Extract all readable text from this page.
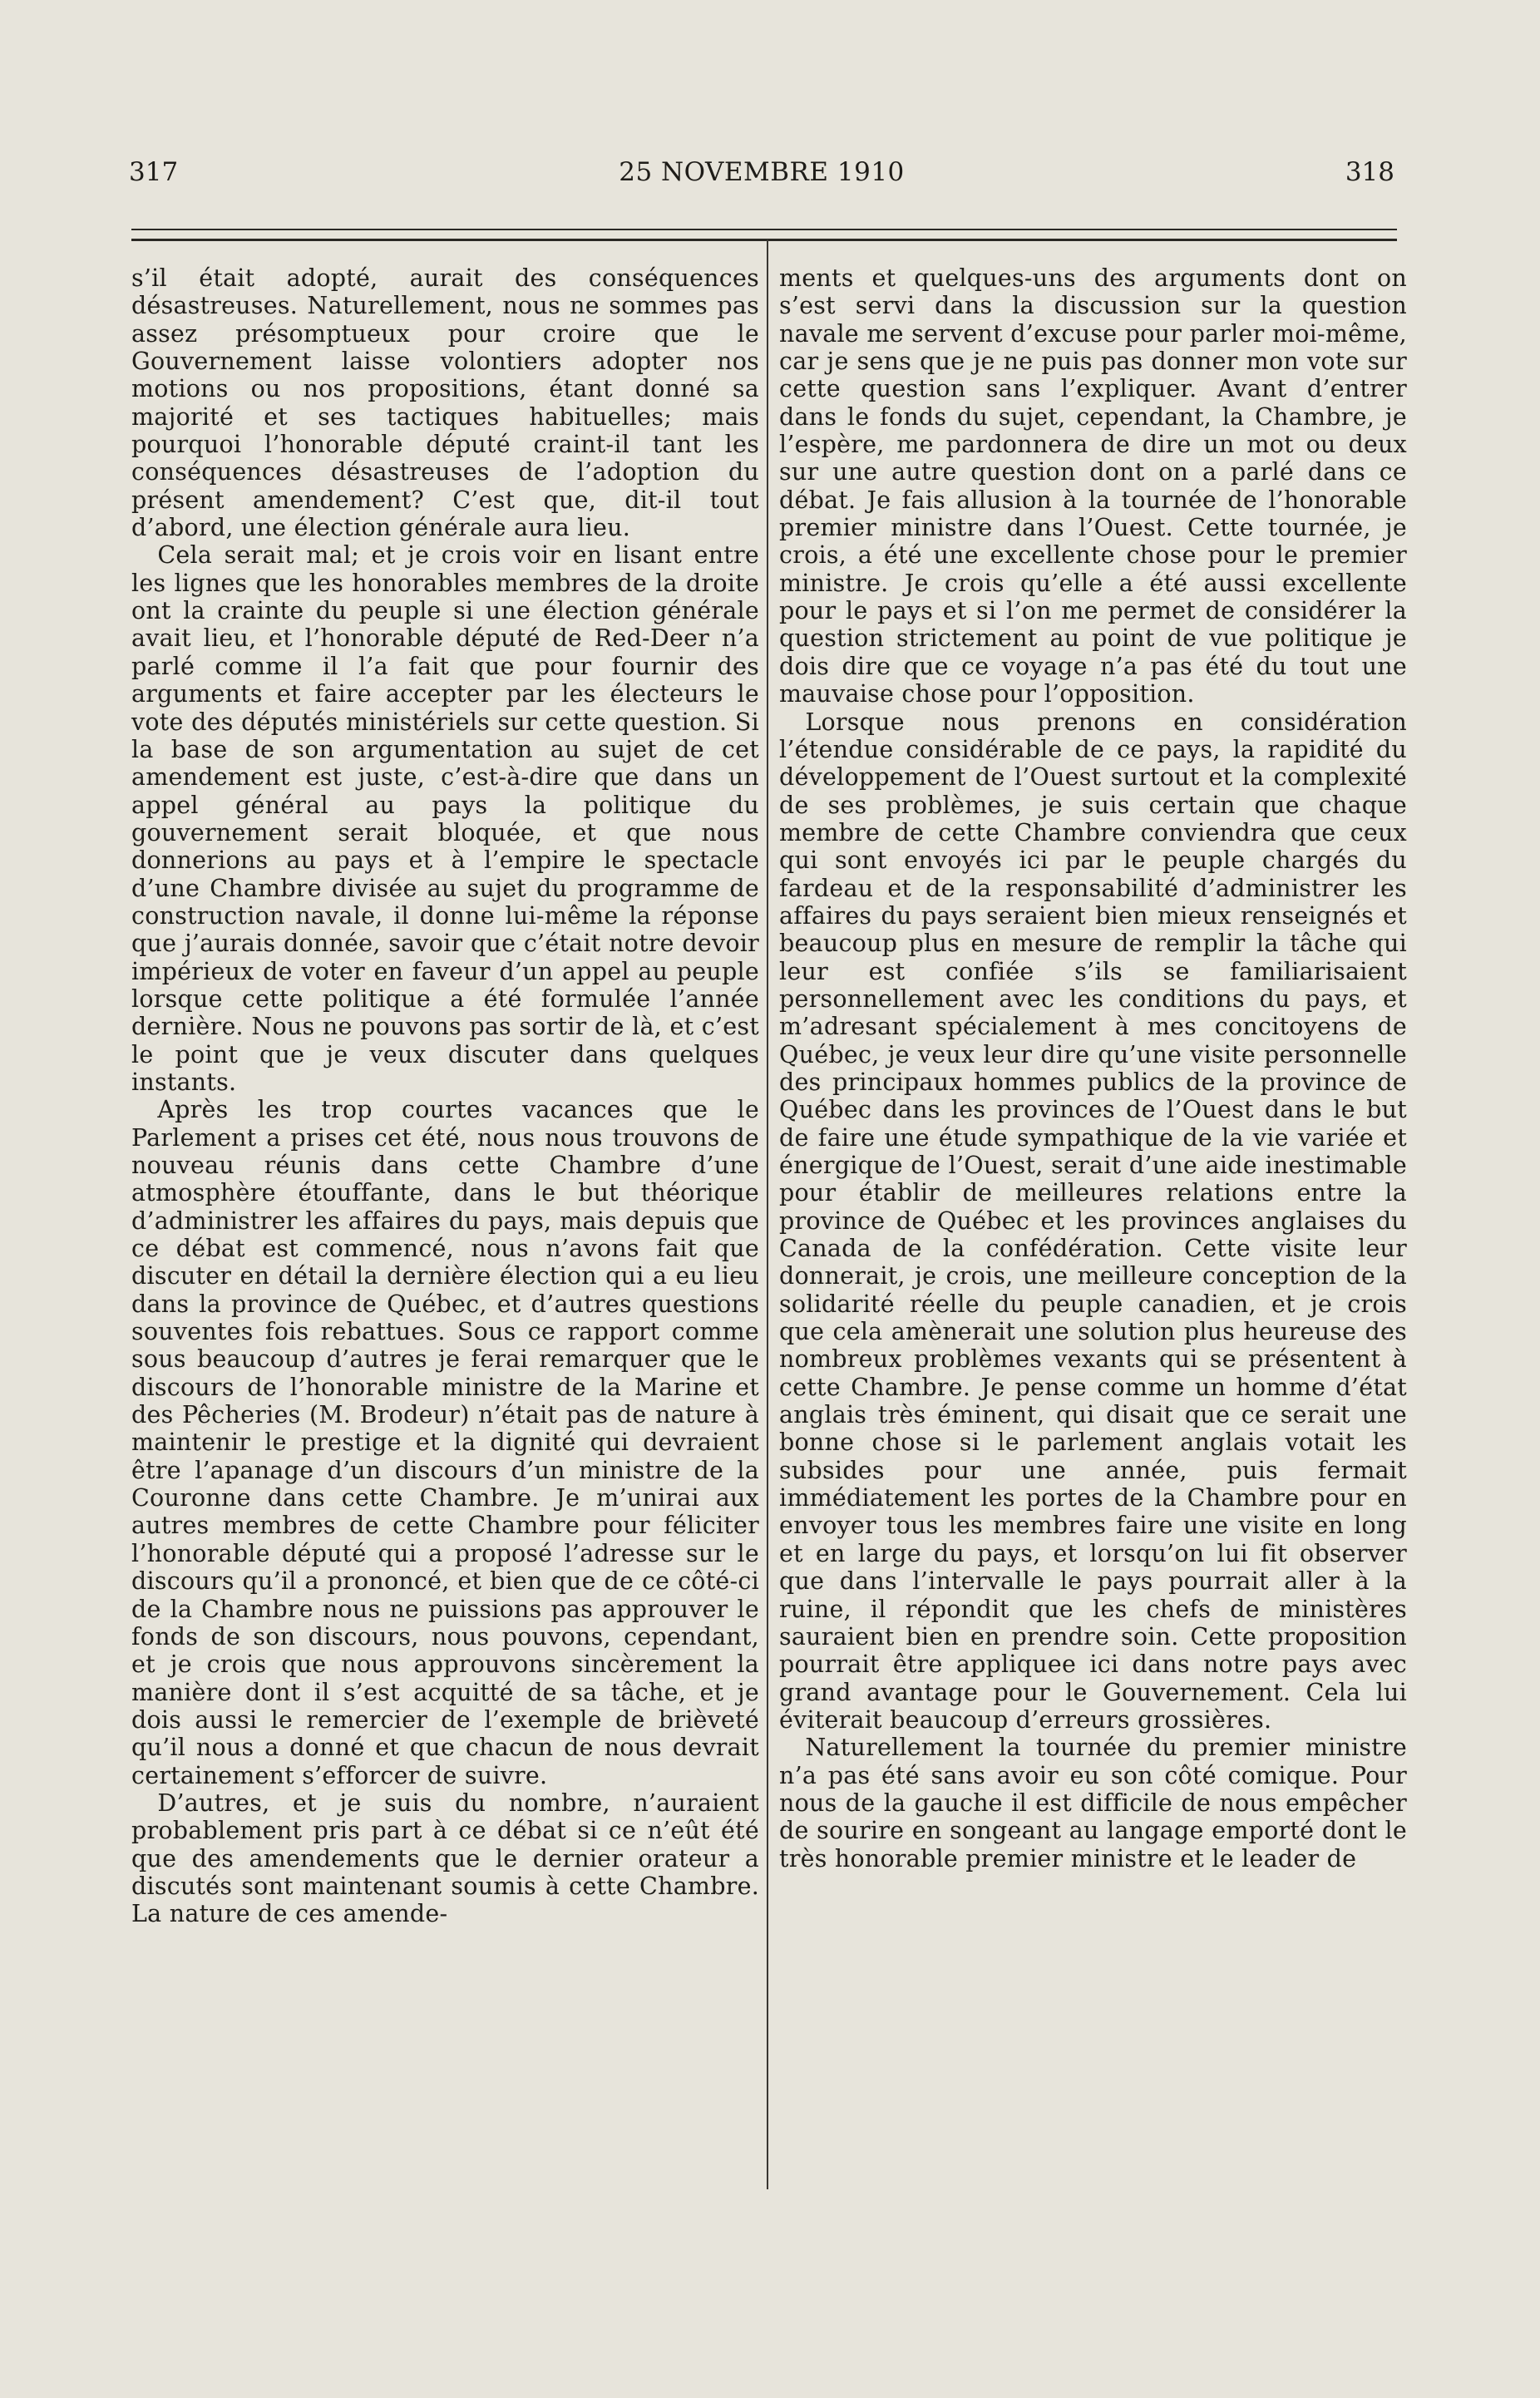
317	25 NOVEMBRE 1910	318

s’il était adopté, aurait des conséquences désastreuses. Naturellement, nous ne sommes pas assez présomptueux pour croire que le Gouvernement laisse volontiers adopter nos motions ou nos propositions, étant donné sa majorité et ses tactiques habituelles; mais pourquoi l’honorable député craint-il tant les conséquences désastreuses de l’adoption du présent amendement? C’est que, dit-il tout d’abord, une élection générale aura lieu.

Cela serait mal; et je crois voir en lisant entre les lignes que les honorables membres de la droite ont la crainte du peuple si une élection générale avait lieu, et l’honorable député de Red-Deer n’a parlé comme il l’a fait que pour fournir des arguments et faire accepter par les électeurs le vote des députés ministériels sur cette question. Si la base de son argumentation au sujet de cet amendement est juste, c’est-à-dire que dans un appel général au pays la politique du gouvernement serait bloquée, et que nous donnerions au pays et à l’empire le spectacle d’une Chambre divisée au sujet du programme de construction navale, il donne lui-même la réponse que j’aurais donnée, savoir que c’était notre devoir impérieux de voter en faveur d’un appel au peuple lorsque cette politique a été formulée l’année dernière. Nous ne pouvons pas sortir de là, et c’est le point que je veux discuter dans quelques instants.

Après les trop courtes vacances que le Parlement a prises cet été, nous nous trouvons de nouveau réunis dans cette Chambre d’une atmosphère étouffante, dans le but théorique d’administrer les affaires du pays, mais depuis que ce débat est commencé, nous n’avons fait que discuter en détail la dernière élection qui a eu lieu dans la province de Québec, et d’autres questions souventes fois rebattues. Sous ce rapport comme sous beaucoup d’autres je ferai remarquer que le discours de l’honorable ministre de la Marine et des Pêcheries (M. Brodeur) n’était pas de nature à maintenir le prestige et la dignité qui devraient être l’apanage d’un discours d’un ministre de la Couronne dans cette Chambre. Je m’unirai aux autres membres de cette Chambre pour féliciter l’honorable député qui a proposé l’adresse sur le discours qu’il a prononcé, et bien que de ce côté-ci de la Chambre nous ne puissions pas approuver le fonds de son discours, nous pouvons, cependant, et je crois que nous approuvons sincèrement la manière dont il s’est acquitté de sa tâche, et je dois aussi le remercier de l’exemple de brièveté qu’il nous a donné et que chacun de nous devrait certainement s’efforcer de suivre.

D’autres, et je suis du nombre, n’auraient probablement pris part à ce débat si ce n’eût été que des amendements que le dernier orateur a discutés sont maintenant soumis à cette Chambre. La nature de ces amende-

ments et quelques-uns des arguments dont on s’est servi dans la discussion sur la question navale me servent d’excuse pour parler moi-même, car je sens que je ne puis pas donner mon vote sur cette question sans l’expliquer. Avant d’entrer dans le fonds du sujet, cependant, la Chambre, je l’espère, me pardonnera de dire un mot ou deux sur une autre question dont on a parlé dans ce débat. Je fais allusion à la tournée de l’honorable premier ministre dans l’Ouest. Cette tournée, je crois, a été une excellente chose pour le premier ministre. Je crois qu’elle a été aussi excellente pour le pays et si l’on me permet de considérer la question strictement au point de vue politique je dois dire que ce voyage n’a pas été du tout une mauvaise chose pour l’opposition.

Lorsque nous prenons en considération l’étendue considérable de ce pays, la rapidité du développement de l’Ouest surtout et la complexité de ses problèmes, je suis certain que chaque membre de cette Chambre conviendra que ceux qui sont envoyés ici par le peuple chargés du fardeau et de la responsabilité d’administrer les affaires du pays seraient bien mieux renseignés et beaucoup plus en mesure de remplir la tâche qui leur est confiée s’ils se familiarisaient personnellement avec les conditions du pays, et m’adresant spécialement à mes concitoyens de Québec, je veux leur dire qu’une visite personnelle des principaux hommes publics de la province de Québec dans les provinces de l’Ouest dans le but de faire une étude sympathique de la vie variée et énergique de l’Ouest, serait d’une aide inestimable pour établir de meilleures relations entre la province de Québec et les provinces anglaises du Canada de la confédération. Cette visite leur donnerait, je crois, une meilleure conception de la solidarité réelle du peuple canadien, et je crois que cela amènerait une solution plus heureuse des nombreux problèmes vexants qui se présentent à cette Chambre. Je pense comme un homme d’état anglais très éminent, qui disait que ce serait une bonne chose si le parlement anglais votait les subsides pour une année, puis fermait immédiatement les portes de la Chambre pour en envoyer tous les membres faire une visite en long et en large du pays, et lorsqu’on lui fit observer que dans l’intervalle le pays pourrait aller à la ruine, il répondit que les chefs de ministères sauraient bien en prendre soin. Cette proposition pourrait être appliquee ici dans notre pays avec grand avantage pour le Gouvernement. Cela lui éviterait beaucoup d’erreurs grossières.

Naturellement la tournée du premier ministre n’a pas été sans avoir eu son côté comique. Pour nous de la gauche il est difficile de nous empêcher de sourire en songeant au langage emporté dont le très honorable premier ministre et le leader de
